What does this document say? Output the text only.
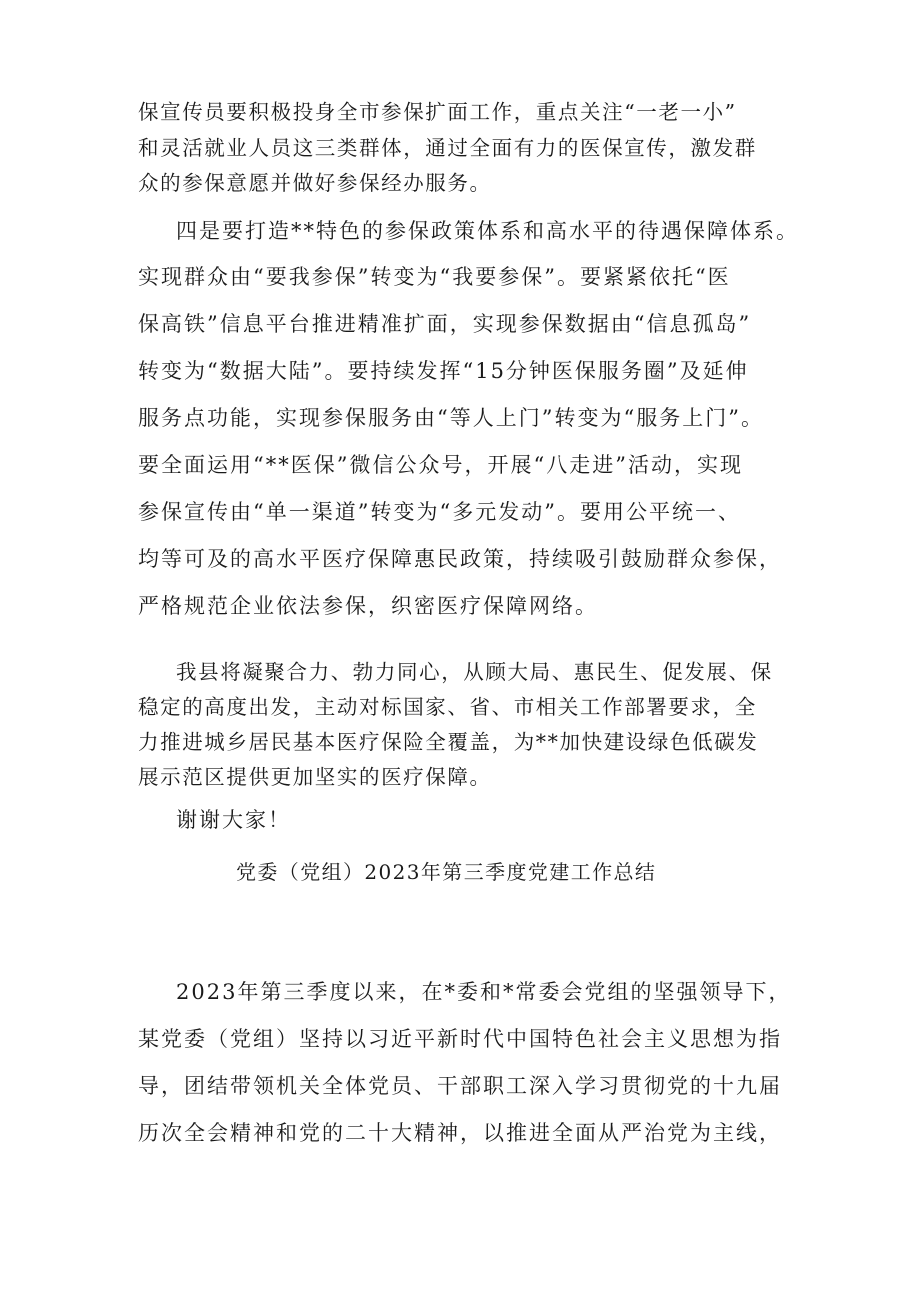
保宣传员要积极投身全市参保扩面工作，重点关注“一老一小”
和灵活就业人员这三类群体，通过全面有力的医保宣传，激发群
众的参保意愿并做好参保经办服务。
四是要打造**特色的参保政策体系和高水平的待遇保障体系。
实现群众由“要我参保”转变为“我要参保”。要紧紧依托“医
保高铁”信息平台推进精准扩面，实现参保数据由“信息孤岛”
转变为“数据大陆”。要持续发挥“15分钟医保服务圈”及延伸
服务点功能，实现参保服务由“等人上门”转变为“服务上门”。
要全面运用“**医保”微信公众号，开展“八走进”活动，实现
参保宣传由“单一渠道”转变为“多元发动”。要用公平统一、
均等可及的高水平医疗保障惠民政策，持续吸引鼓励群众参保，
严格规范企业依法参保，织密医疗保障网络。
我县将凝聚合力、勃力同心，从顾大局、惠民生、促发展、保
稳定的高度出发，主动对标国家、省、市相关工作部署要求，全
力推进城乡居民基本医疗保险全覆盖，为**加快建设绿色低碳发
展示范区提供更加坚实的医疗保障。
谢谢大家！
党委（党组）2023年第三季度党建工作总结
2023年第三季度以来，在*委和*常委会党组的坚强领导下，
某党委（党组）坚持以习近平新时代中国特色社会主义思想为指
导，团结带领机关全体党员、干部职工深入学习贯彻党的十九届
历次全会精神和党的二十大精神，以推进全面从严治党为主线，
